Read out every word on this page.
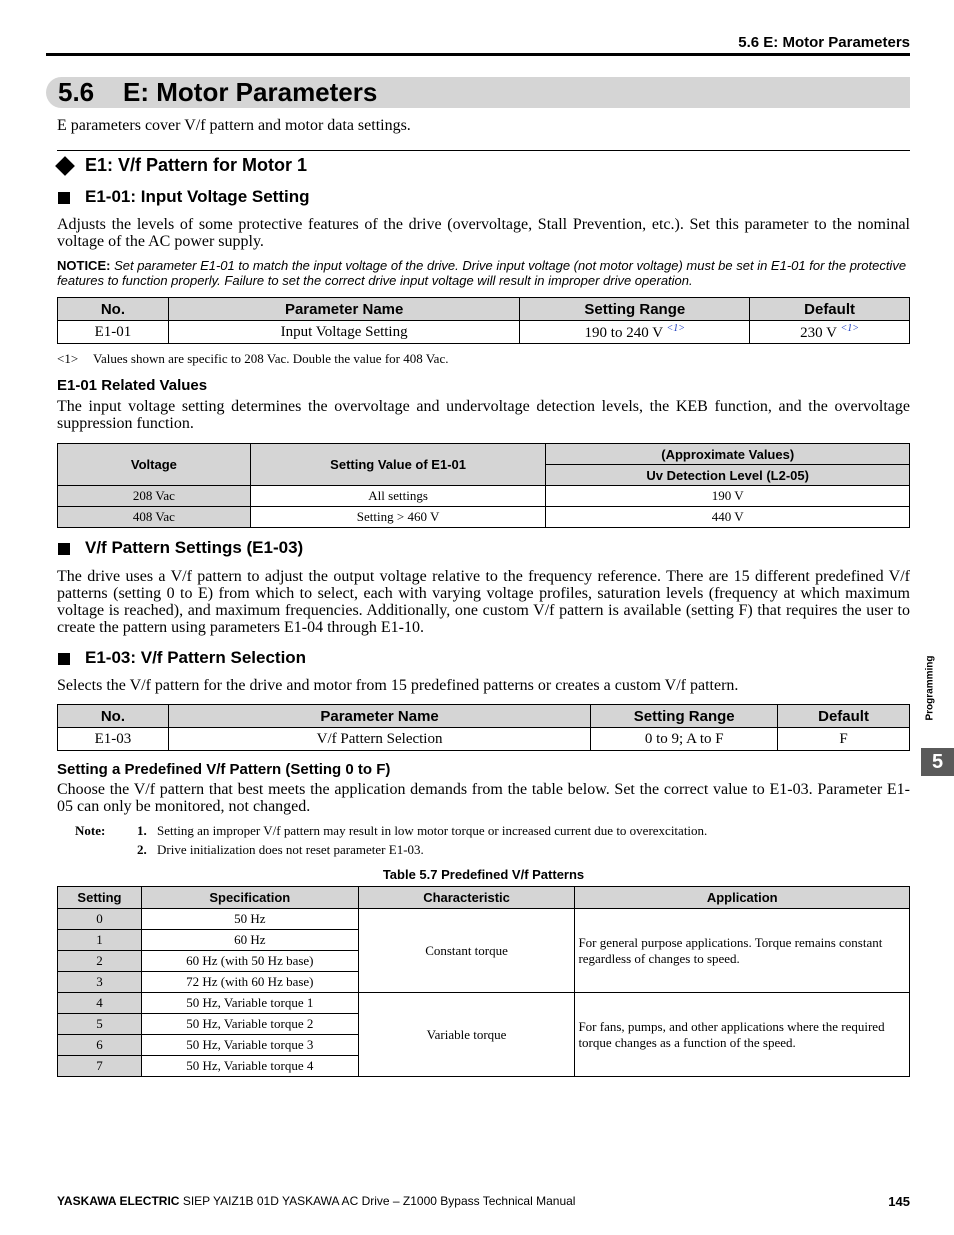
5.6 E: Motor Parameters
5.6    E: Motor Parameters
E parameters cover V/f pattern and motor data settings.
E1: V/f Pattern for Motor 1
E1-01: Input Voltage Setting
Adjusts the levels of some protective features of the drive (overvoltage, Stall Prevention, etc.). Set this parameter to the nominal voltage of the AC power supply.
NOTICE: Set parameter E1-01 to match the input voltage of the drive. Drive input voltage (not motor voltage) must be set in E1-01 for the protective features to function properly. Failure to set the correct drive input voltage will result in improper drive operation.
No.	Parameter Name	Setting Range	Default
E1-01	Input Voltage Setting	190 to 240 V $^{<1>}$	230 V $^{<1>}$
<1> Values shown are specific to 208 Vac. Double the value for 408 Vac.
E1-01 Related Values
The input voltage setting determines the overvoltage and undervoltage detection levels, the KEB function, and the overvoltage suppression function.
Voltage	Setting Value of E1-01	(Approximate Values)
		Uv Detection Level (L2-05)
208 Vac	All settings	190 V
408 Vac	Setting > 460 V	440 V
V/f Pattern Settings (E1-03)
The drive uses a V/f pattern to adjust the output voltage relative to the frequency reference. There are 15 different predefined V/f patterns (setting 0 to E) from which to select, each with varying voltage profiles, saturation levels (frequency at which maximum voltage is reached), and maximum frequencies. Additionally, one custom V/f pattern is available (setting F) that requires the user to create the pattern using parameters E1-04 through E1-10.
E1-03: V/f Pattern Selection
Selects the V/f pattern for the drive and motor from 15 predefined patterns or creates a custom V/f pattern.
No.	Parameter Name	Setting Range	Default
E1-03	V/f Pattern Selection	0 to 9; A to F	F
Setting a Predefined V/f Pattern (Setting 0 to F)
Choose the V/f pattern that best meets the application demands from the table below. Set the correct value to E1-03. Parameter E1-05 can only be monitored, not changed.
Note: 1. Setting an improper V/f pattern may result in low motor torque or increased current due to overexcitation.
2. Drive initialization does not reset parameter E1-03.
Table 5.7 Predefined V/f Patterns
Setting	Specification	Characteristic	Application
0	50 Hz	Constant torque	For general purpose applications. Torque remains constant regardless of changes to speed.
1	60 Hz		
2	60 Hz (with 50 Hz base)		
3	72 Hz (with 60 Hz base)		
4	50 Hz, Variable torque 1	Variable torque	For fans, pumps, and other applications where the required torque changes as a function of the speed.
5	50 Hz, Variable torque 2		
6	50 Hz, Variable torque 3		
7	50 Hz, Variable torque 4		
Programming
5
YASKAWA ELECTRIC SIEP YAIZ1B 01D YASKAWA AC Drive – Z1000 Bypass Technical Manual	145
